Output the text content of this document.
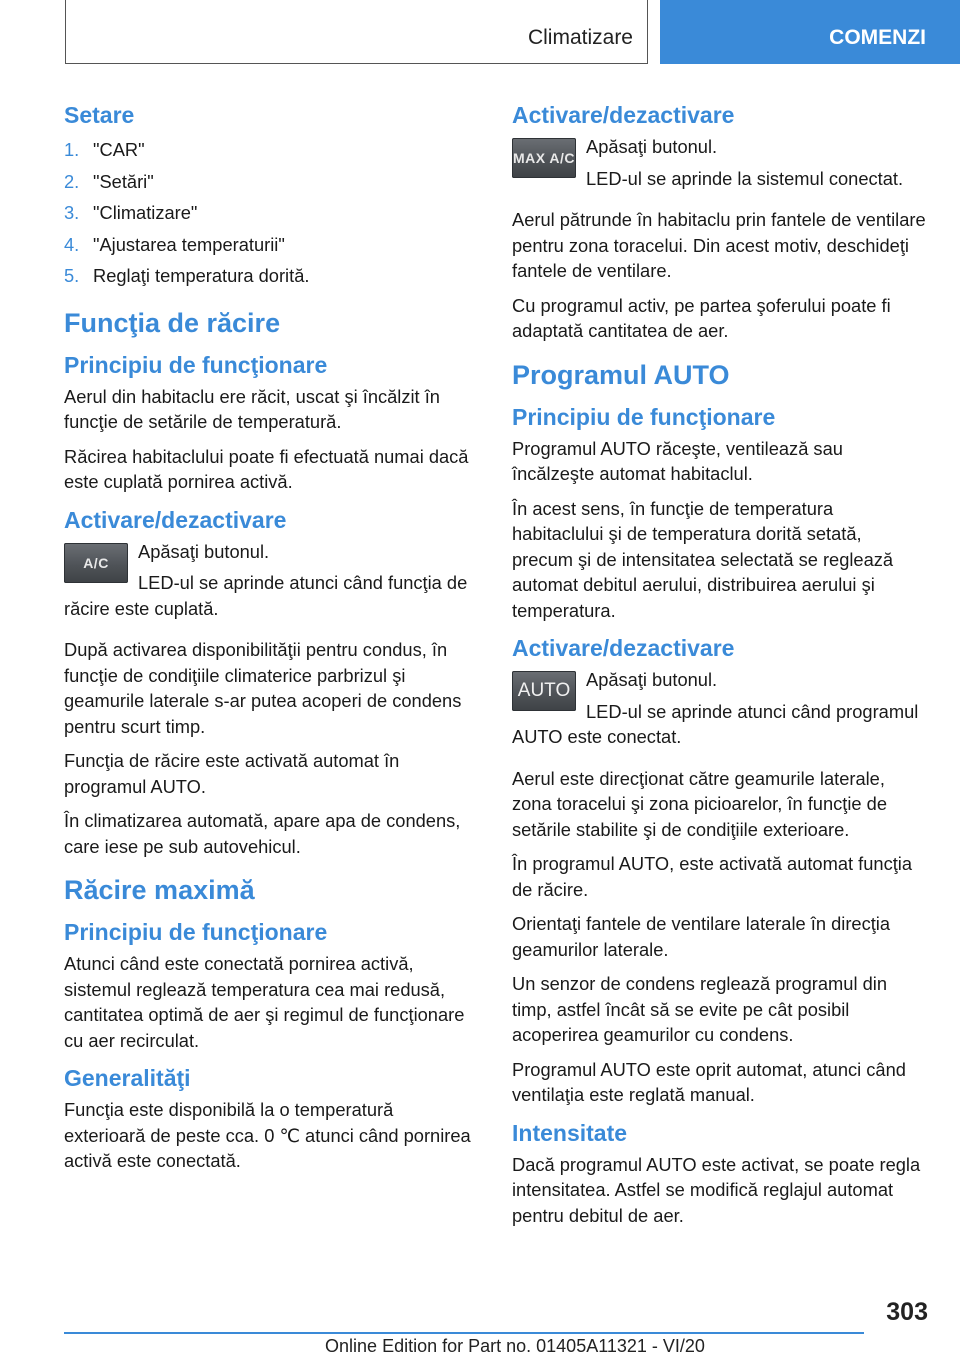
Climatizare	COMENZI
Setare
1. "CAR"
2. "Setări"
3. "Climatizare"
4. "Ajustarea temperaturii"
5. Reglaţi temperatura dorită.
Funcţia de răcire
Principiu de funcţionare

Aerul din habitaclu ere răcit, uscat şi încălzit în funcţie de setările de temperatură.

Răcirea habitaclului poate fi efectuată numai dacă este cuplată pornirea activă.

Activare/dezactivare
A/C

Apăsaţi butonul.

LED-ul se aprinde atunci când funcţia de răcire este cuplată.

După activarea disponibilităţii pentru condus, în funcţie de condiţiile climaterice parbrizul şi geamurile laterale s-ar putea acoperi de condens pentru scurt timp.

Funcţia de răcire este activată automat în programul AUTO.

În climatizarea automată, apare apa de condens, care iese pe sub autovehicul.

Răcire maximă
Principiu de funcţionare

Atunci când este conectată pornirea activă, sistemul reglează temperatura cea mai redusă, cantitatea optimă de aer şi regimul de funcţionare cu aer recirculat.

Generalităţi

Funcţia este disponibilă la o temperatură exterioară de peste cca. 0 ℃ atunci când pornirea activă este conectată.

Activare/dezactivare
MAX A/C

Apăsaţi butonul.

LED-ul se aprinde la sistemul conectat.

Aerul pătrunde în habitaclu prin fantele de ventilare pentru zona toracelui. Din acest motiv, deschideţi fantele de ventilare.

Cu programul activ, pe partea şoferului poate fi adaptată cantitatea de aer.

Programul AUTO
Principiu de funcţionare

Programul AUTO răceşte, ventilează sau încălzeşte automat habitaclul.

În acest sens, în funcţie de temperatura habitaclului şi de temperatura dorită setată, precum şi de intensitatea selectată se reglează automat debitul aerului, distribuirea aerului şi temperatura.

Activare/dezactivare
AUTO

Apăsaţi butonul.

LED-ul se aprinde atunci când programul AUTO este conectat.

Aerul este direcţionat către geamurile laterale, zona toracelui şi zona picioarelor, în funcţie de setările stabilite şi de condiţiile exterioare.

În programul AUTO, este activată automat funcţia de răcire.

Orientaţi fantele de ventilare laterale în direcţia geamurilor laterale.

Un senzor de condens reglează programul din timp, astfel încât să se evite pe cât posibil acoperirea geamurilor cu condens.

Programul AUTO este oprit automat, atunci când ventilaţia este reglată manual.

Intensitate

Dacă programul AUTO este activat, se poate regla intensitatea. Astfel se modifică reglajul automat pentru debitul de aer.

303
Online Edition for Part no. 01405A11321 - VI/20
